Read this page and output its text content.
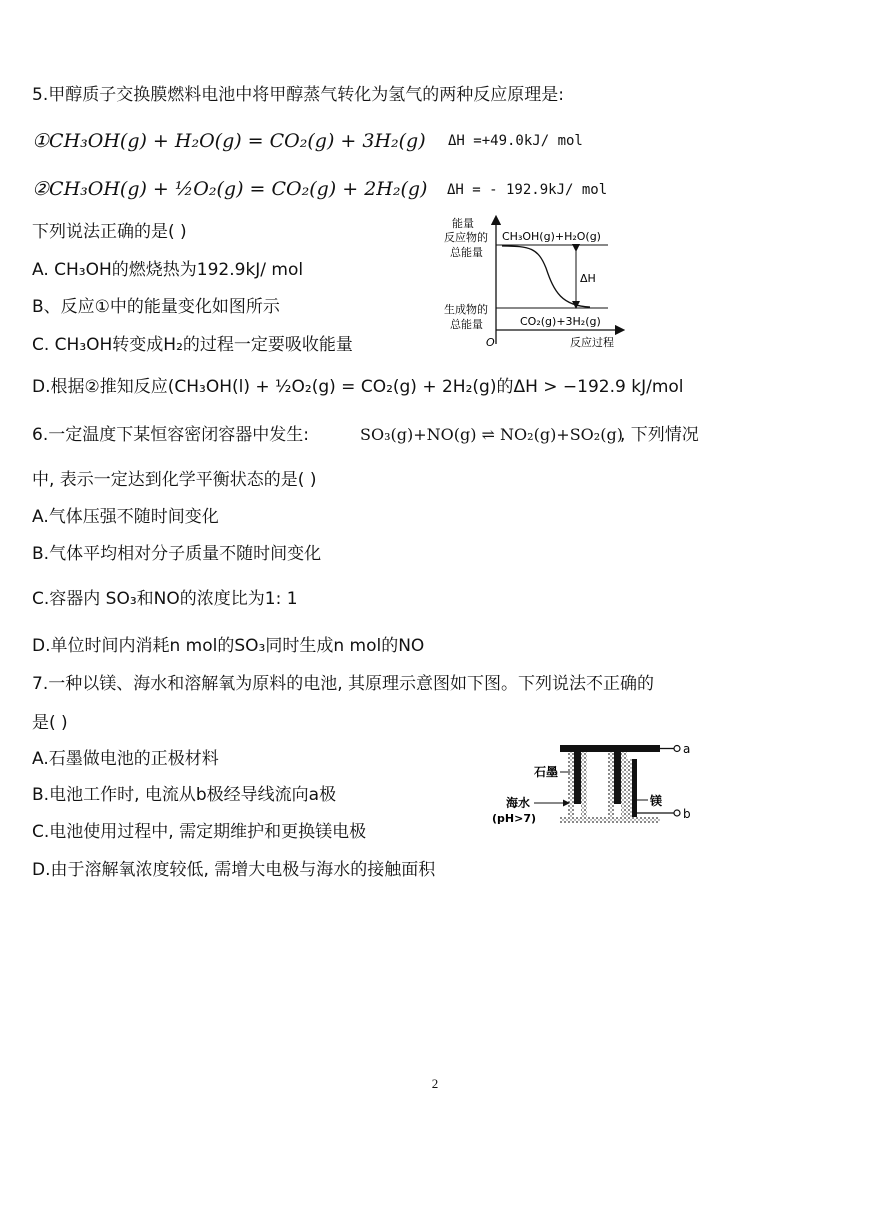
5.甲醇质子交换膜燃料电池中将甲醇蒸气转化为氢气的两种反应原理是:
①CH₃OH(g) + H₂O(g) = CO₂(g) + 3H₂(g) ΔH =+49.0kJ/ mol
②CH₃OH(g) + ½O₂(g) = CO₂(g) + 2H₂(g) ΔH = - 192.9kJ/ mol
下列说法正确的是( )
A. CH₃OH的燃烧热为192.9kJ/ mol
B、反应①中的能量变化如图所示
C. CH₃OH转变成H₂的过程一定要吸收能量
D.根据②推知反应(CH₃OH(l) + ½O₂(g) = CO₂(g) + 2H₂(g)的ΔH > −192.9 kJ/mol
能量
反应物的
总能量
CH₃OH(g)+H₂O(g)
ΔH
生成物的
总能量	CO₂(g)+3H₂(g)
O	反应过程
6.一定温度下某恒容密闭容器中发生:	SO₃(g)+NO(g) ⇌ NO₂(g)+SO₂(g)
, 下列情况
中, 表示一定达到化学平衡状态的是( )
A.气体压强不随时间变化
B.气体平均相对分子质量不随时间变化
C.容器内 SO₃和NO的浓度比为1: 1
D.单位时间内消耗n mol的SO₃同时生成n mol的NO
7.一种以镁、海水和溶解氧为原料的电池, 其原理示意图如下图。下列说法不正确的
是( )
A.石墨做电池的正极材料
B.电池工作时, 电流从b极经导线流向a极
C.电池使用过程中, 需定期维护和更换镁电极
D.由于溶解氧浓度较低, 需增大电极与海水的接触面积
a
b
石墨
海水
(pH>7)
镁
2
